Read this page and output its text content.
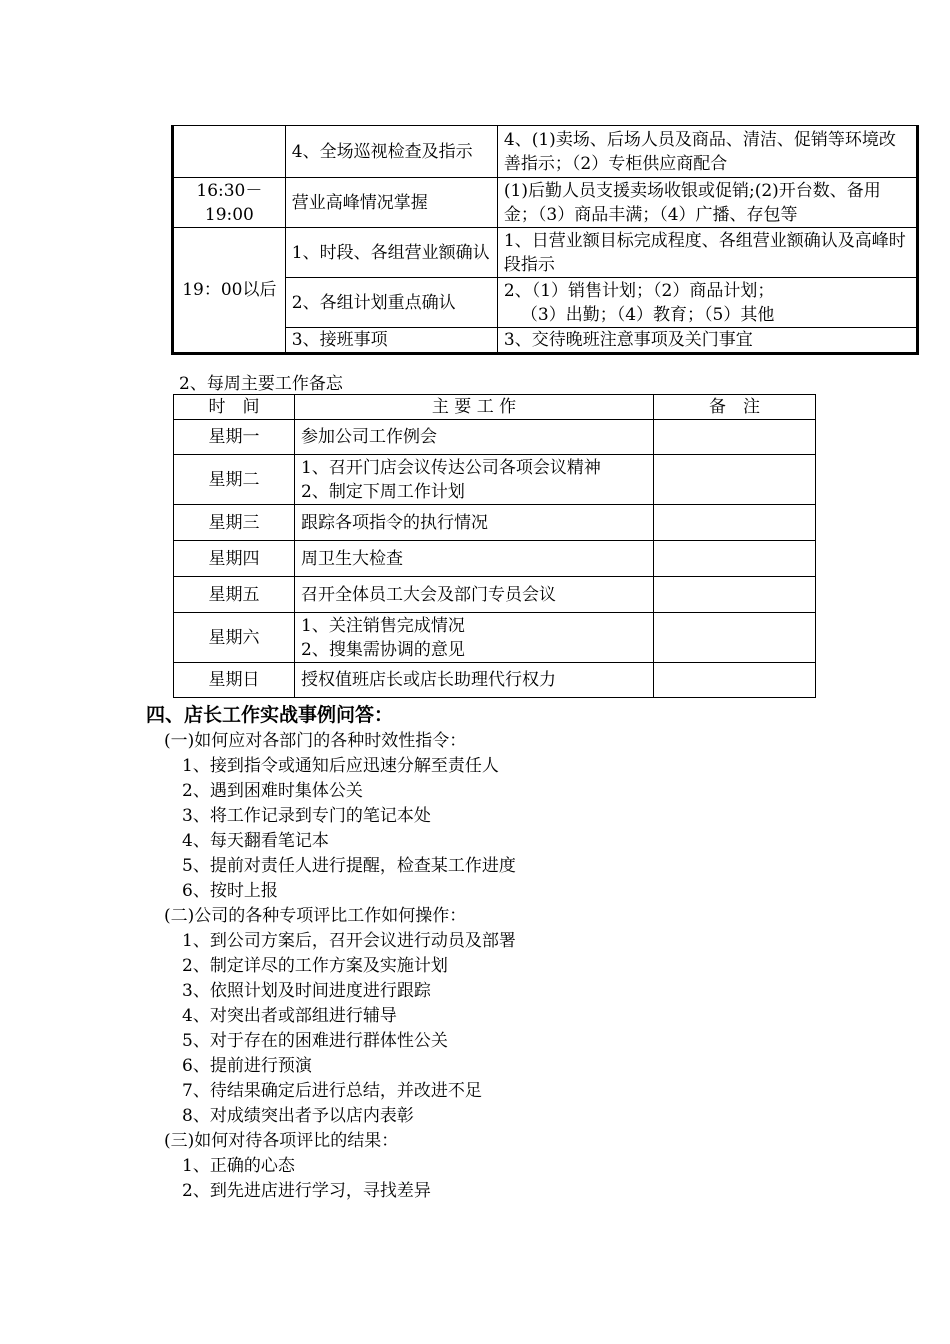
	4、全场巡视检查及指示	4、(1)卖场、后场人员及商品、清洁、促销等环境改善指示；（2）专柜供应商配合
16:30－19:00	营业高峰情况掌握	(1)后勤人员支援卖场收银或促销;(2)开台数、备用金；（3）商品丰满；（4）广播、存包等
19：00以后	1、时段、各组营业额确认	1、日营业额目标完成程度、各组营业额确认及高峰时段指示
	2、各组计划重点确认	2、（1）销售计划；（2）商品计划；
（3）出勤；（4）教育；（5）其他

	3、接班事项	3、交待晚班注意事项及关门事宜
2、每周主要工作备忘
时　间	主 要 工 作	备　注
星期一	参加公司工作例会	
星期二	1、召开门店会议传达公司各项会议精神
2、制定下周工作计划	

星期三	跟踪各项指令的执行情况	
星期四	周卫生大检查	
星期五	召开全体员工大会及部门专员会议	
星期六	1、关注销售完成情况
2、搜集需协调的意见	

星期日	授权值班店长或店长助理代行权力	
四、店长工作实战事例问答：
(一)如何应对各部门的各种时效性指令：
1、接到指令或通知后应迅速分解至责任人
2、遇到困难时集体公关
3、将工作记录到专门的笔记本处
4、每天翻看笔记本
5、提前对责任人进行提醒，检查某工作进度
6、按时上报
(二)公司的各种专项评比工作如何操作：
1、到公司方案后，召开会议进行动员及部署
2、制定详尽的工作方案及实施计划
3、依照计划及时间进度进行跟踪
4、对突出者或部组进行辅导
5、对于存在的困难进行群体性公关
6、提前进行预演
7、待结果确定后进行总结，并改进不足
8、对成绩突出者予以店内表彰
(三)如何对待各项评比的结果：
1、正确的心态
2、到先进店进行学习，寻找差异
